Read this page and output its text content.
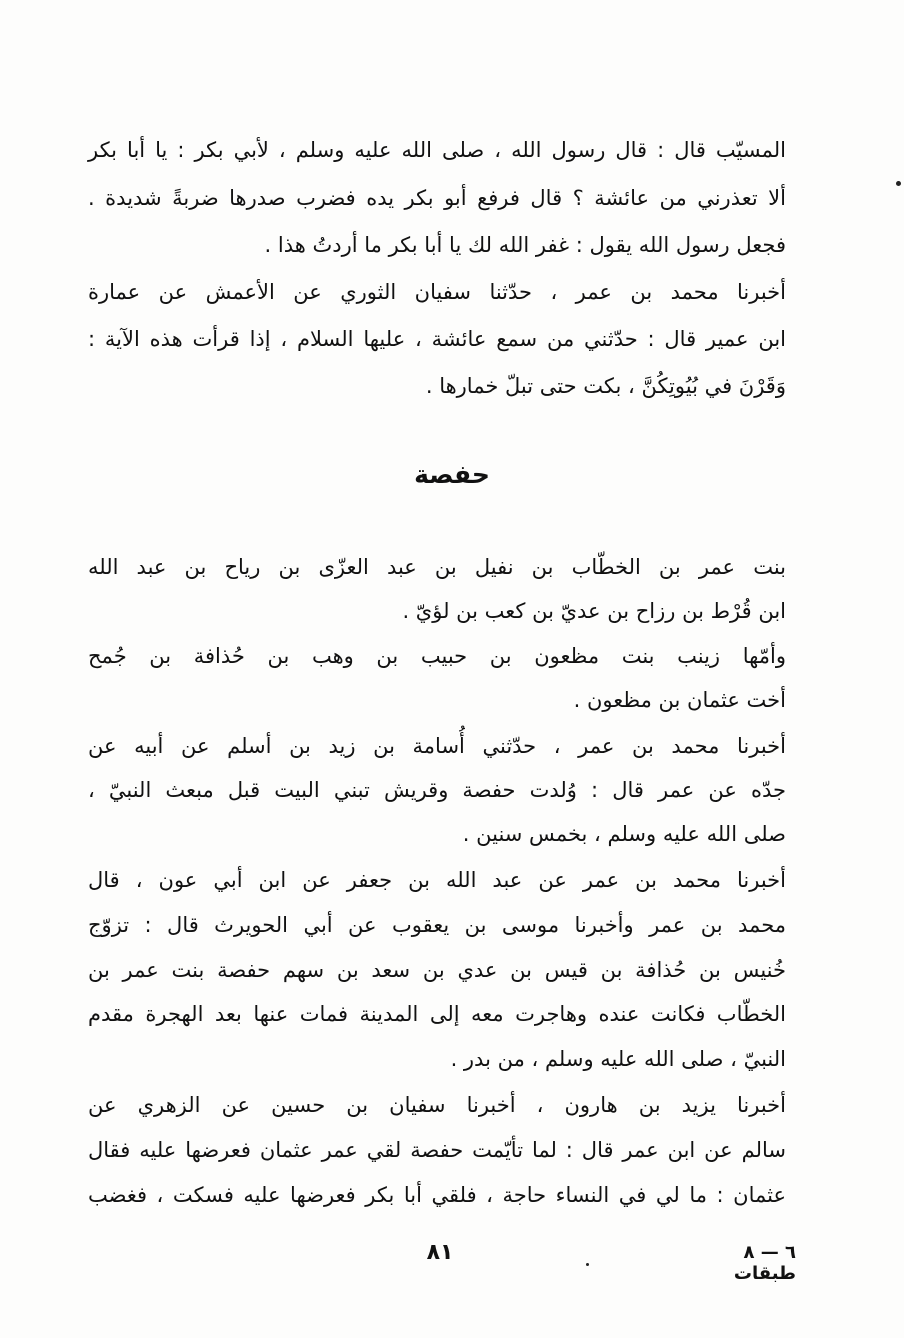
المسيّب قال : قال رسول الله ، صلى الله عليه وسلم ، لأبي بكر : يا أبا بكر
ألا تعذرني من عائشة ؟ قال فرفع أبو بكر يده فضرب صدرها ضربةً شديدة .
فجعل رسول الله يقول : غفر الله لك يا أبا بكر ما أردتُ هذا .
أخبرنا محمد بن عمر ، حدّثنا سفيان الثوري عن الأعمش عن عمارة
ابن عمير قال : حدّثني من سمع عائشة ، عليها السلام ، إذا قرأت هذه الآية :
وَقَرْنَ في بُيُوتِكُنَّ ، بكت حتى تبلّ خمارها .
حفصة
بنت عمر بن الخطّاب بن نفيل بن عبد العزّى بن رياح بن عبد الله
ابن قُرْط بن رزاح بن عديّ بن كعب بن لؤيّ .
وأمّها زينب بنت مظعون بن حبيب بن وهب بن حُذافة بن جُمح
أخت عثمان بن مظعون .
أخبرنا محمد بن عمر ، حدّثني أُسامة بن زيد بن أسلم عن أبيه عن
جدّه عن عمر قال : وُلدت حفصة وقريش تبني البيت قبل مبعث النبيّ ،
صلى الله عليه وسلم ، بخمس سنين .
أخبرنا محمد بن عمر عن عبد الله بن جعفر عن ابن أبي عون ، قال
محمد بن عمر وأخبرنا موسى بن يعقوب عن أبي الحويرث قال : تزوّج
خُنيس بن حُذافة بن قيس بن عدي بن سعد بن سهم حفصة بنت عمر بن
الخطّاب فكانت عنده وهاجرت معه إلى المدينة فمات عنها بعد الهجرة مقدم
النبيّ ، صلى الله عليه وسلم ، من بدر .
أخبرنا يزيد بن هارون ، أخبرنا سفيان بن حسين عن الزهري عن
سالم عن ابن عمر قال : لما تأيّمت حفصة لقي عمر عثمان فعرضها عليه فقال
عثمان : ما لي في النساء حاجة ، فلقي أبا بكر فعرضها عليه فسكت ، فغضب
٨١	٦ — ٨ طبقات
